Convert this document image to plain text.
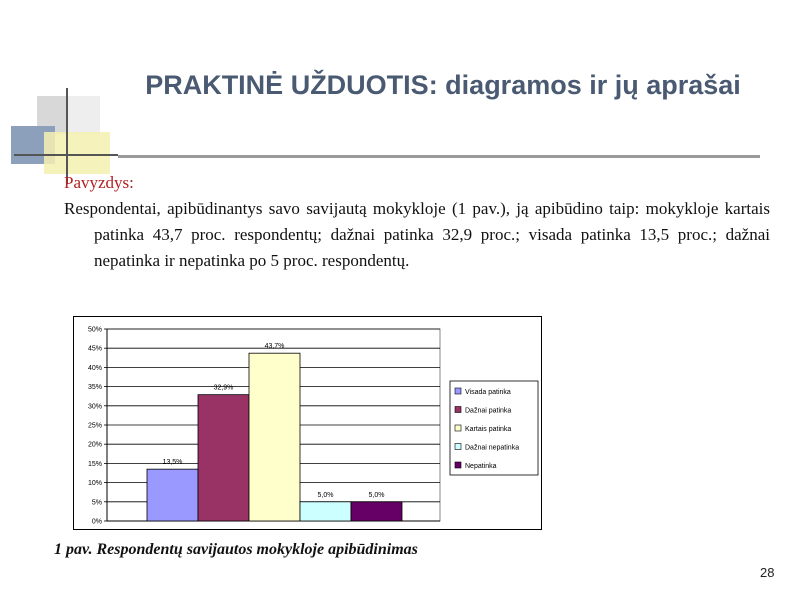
PRAKTINĖ UŽDUOTIS: diagramos ir jų aprašai
Pavyzdys:
Respondentai, apibūdinantys savo savijautą mokykloje (1 pav.), ją apibūdino taip: mokykloje kartais patinka 43,7 proc. respondentų; dažnai patinka 32,9 proc.; visada patinka 13,5 proc.; dažnai nepatinka ir nepatinka po 5 proc. respondentų.
0%
5%
10%
15%
20%
25%
30%
35%
40%
45%
50%
13,5%
32,9%
43,7%
5,0%	5,0%
Visada patinka
Dažnai patinka
Kartais patinka
Dažnai nepatinka
Nepatinka
1 pav. Respondentų savijautos mokykloje apibūdinimas
28
